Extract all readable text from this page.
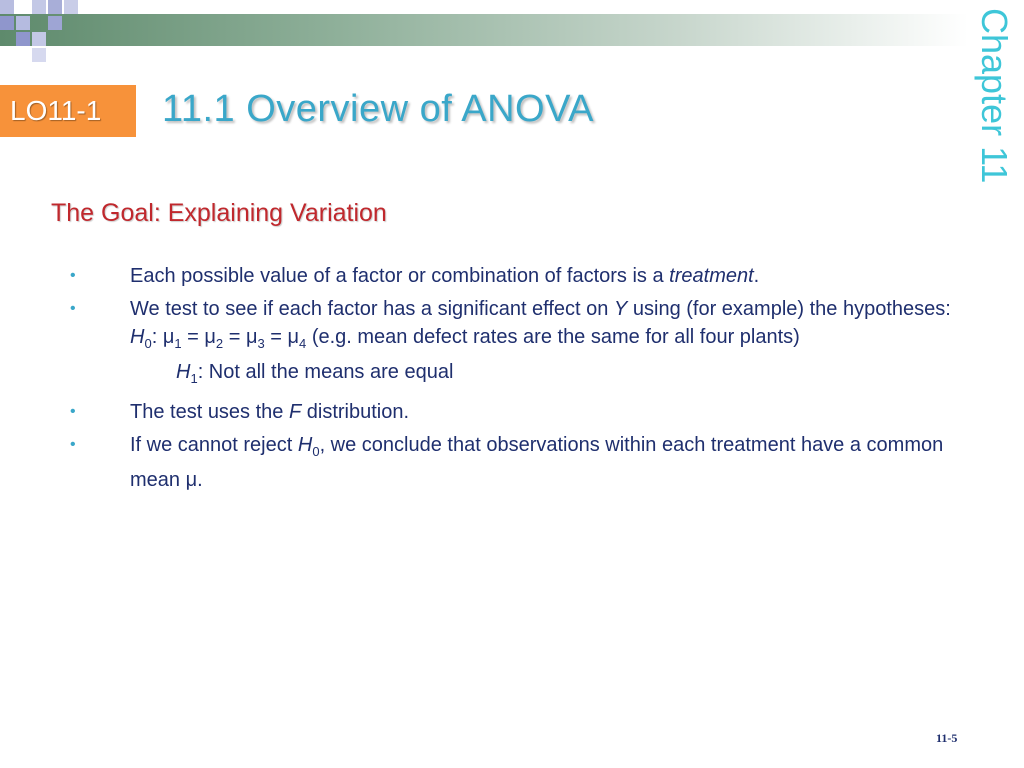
LO11-1	11.1 Overview of ANOVA	Chapter 11
The Goal: Explaining Variation
•	Each possible value of a factor or combination of factors is a treatment.
•	We test to see if each factor has a significant effect on Y using (for example) the hypotheses: $H_0$: $\mu_1 = \mu_2 = \mu_3 = \mu_4$ (e.g. mean defect rates are the same for all four plants)
$H_1$: Not all the means are equal
•	The test uses the F distribution.
•	If we cannot reject $H_0$, we conclude that observations within each treatment have a common mean μ.
11-5
